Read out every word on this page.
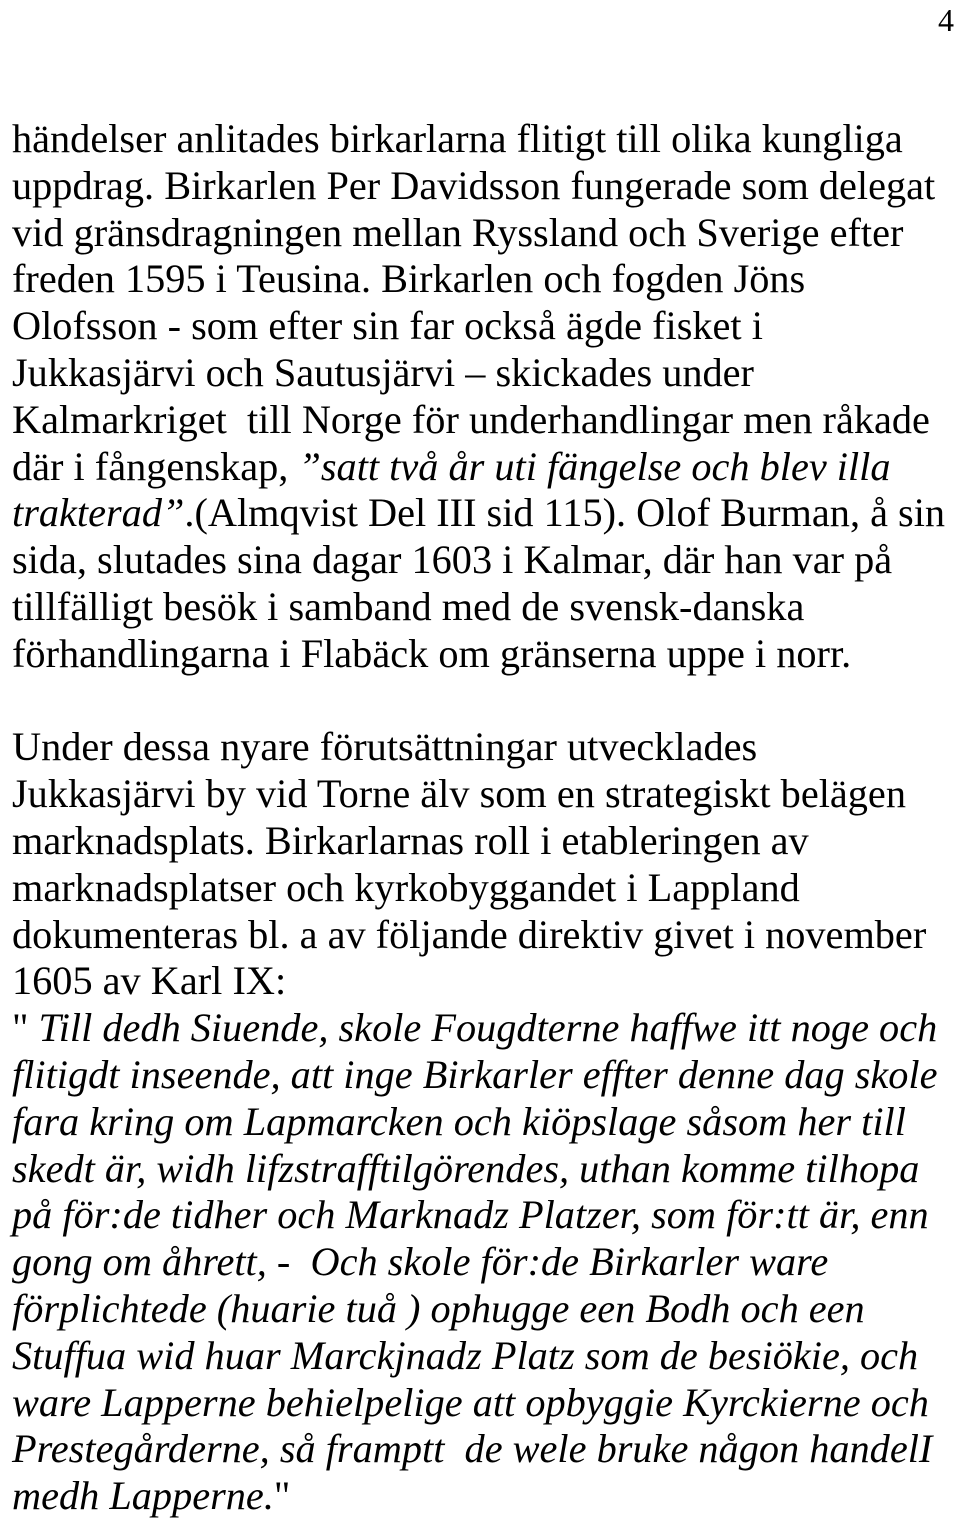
4
händelser anlitades birkarlarna flitigt till olika kungliga
uppdrag. Birkarlen Per Davidsson fungerade som delegat
vid gränsdragningen mellan Ryssland och Sverige efter
freden 1595 i Teusina. Birkarlen och fogden Jöns
Olofsson - som efter sin far också ägde fisket i
Jukkasjärvi och Sautusjärvi – skickades under
Kalmarkriget  till Norge för underhandlingar men råkade
där i fångenskap, ”satt två år uti fängelse och blev illa
trakterad”.(Almqvist Del III sid 115). Olof Burman, å sin
sida, slutades sina dagar 1603 i Kalmar, där han var på
tillfälligt besök i samband med de svensk-danska
förhandlingarna i Flabäck om gränserna uppe i norr.
Under dessa nyare förutsättningar utvecklades
Jukkasjärvi by vid Torne älv som en strategiskt belägen
marknadsplats. Birkarlarnas roll i etableringen av
marknadsplatser och kyrkobyggandet i Lappland
dokumenteras bl. a av följande direktiv givet i november
1605 av Karl IX:
" Till dedh Siuende, skole Fougdterne haffwe itt noge och
flitigdt inseende, att inge Birkarler effter denne dag skole
fara kring om Lapmarcken och kiöpslage såsom her till
skedt är, widh lifzstrafftilgörendes, uthan komme tilhopa
på för:de tidher och Marknadz Platzer, som för:tt är, enn
gong om åhrett, -  Och skole för:de Birkarler ware
förplichtede (huarie tuå ) ophugge een Bodh och een
Stuffua wid huar Marckjnadz Platz som de besiökie, och
ware Lapperne behielpelige att opbyggie Kyrckierne och
Prestegårderne, så framptt  de wele bruke någon handelI
medh Lapperne."
